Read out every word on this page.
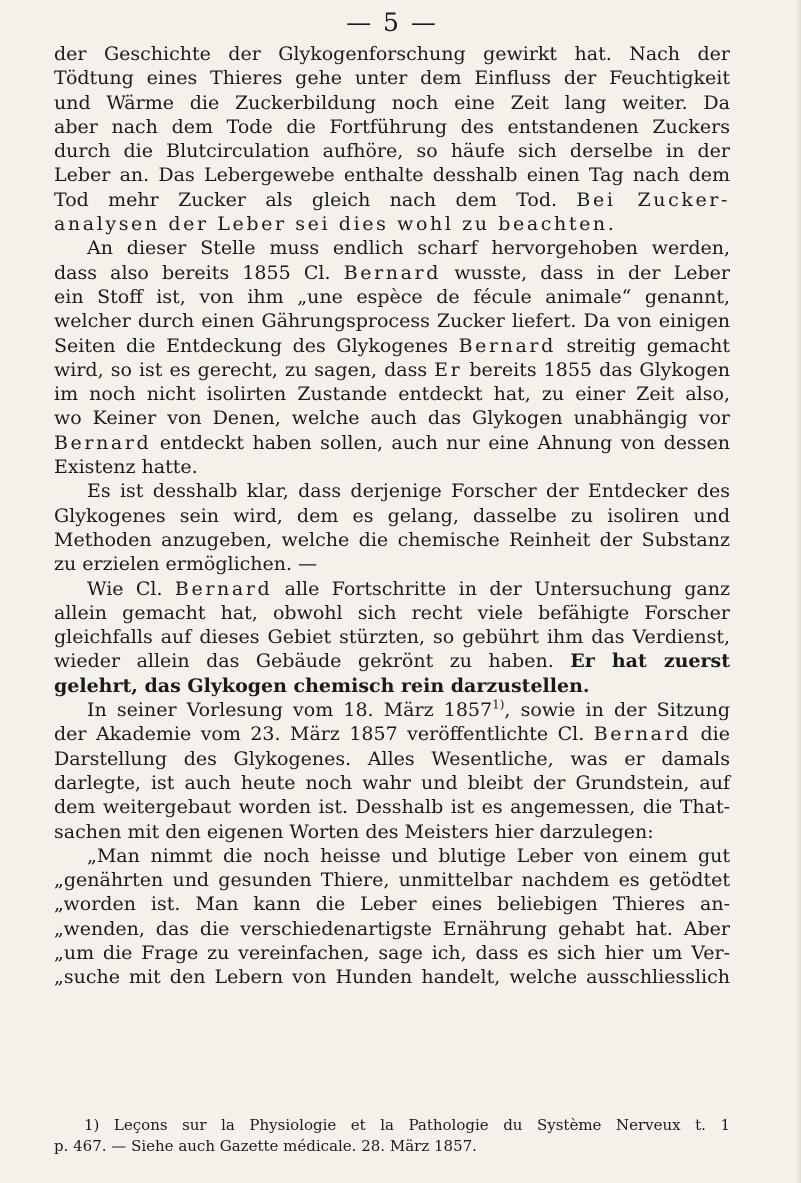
— 5 —
der Geschichte der Glykogenforschung gewirkt hat. Nach der
Tödtung eines Thieres gehe unter dem Einfluss der Feuchtigkeit
und Wärme die Zuckerbildung noch eine Zeit lang weiter. Da
aber nach dem Tode die Fortführung des entstandenen Zuckers
durch die Blutcirculation aufhöre, so häufe sich derselbe in der
Leber an. Das Lebergewebe enthalte desshalb einen Tag nach dem
Tod mehr Zucker als gleich nach dem Tod. Bei Zucker-
analysen der Leber sei dies wohl zu beachten.
An dieser Stelle muss endlich scharf hervorgehoben werden,
dass also bereits 1855 Cl. Bernard wusste, dass in der Leber
ein Stoff ist, von ihm „une espèce de fécule animale“ genannt,
welcher durch einen Gährungsprocess Zucker liefert. Da von einigen
Seiten die Entdeckung des Glykogenes Bernard streitig gemacht
wird, so ist es gerecht, zu sagen, dass Er bereits 1855 das Glykogen
im noch nicht isolirten Zustande entdeckt hat, zu einer Zeit also,
wo Keiner von Denen, welche auch das Glykogen unabhängig vor
Bernard entdeckt haben sollen, auch nur eine Ahnung von dessen
Existenz hatte.
Es ist desshalb klar, dass derjenige Forscher der Entdecker des
Glykogenes sein wird, dem es gelang, dasselbe zu isoliren und
Methoden anzugeben, welche die chemische Reinheit der Substanz
zu erzielen ermöglichen. —
Wie Cl. Bernard alle Fortschritte in der Untersuchung ganz
allein gemacht hat, obwohl sich recht viele befähigte Forscher
gleichfalls auf dieses Gebiet stürzten, so gebührt ihm das Verdienst,
wieder allein das Gebäude gekrönt zu haben. Er hat zuerst
gelehrt, das Glykogen chemisch rein darzustellen.
In seiner Vorlesung vom 18. März 1857$^{1)}$, sowie in der Sitzung
der Akademie vom 23. März 1857 veröffentlichte Cl. Bernard die
Darstellung des Glykogenes. Alles Wesentliche, was er damals
darlegte, ist auch heute noch wahr und bleibt der Grundstein, auf
dem weitergebaut worden ist. Desshalb ist es angemessen, die That-
sachen mit den eigenen Worten des Meisters hier darzulegen:
„Man nimmt die noch heisse und blutige Leber von einem gut
„genährten und gesunden Thiere, unmittelbar nachdem es getödtet
„worden ist. Man kann die Leber eines beliebigen Thieres an-
„wenden, das die verschiedenartigste Ernährung gehabt hat. Aber
„um die Frage zu vereinfachen, sage ich, dass es sich hier um Ver-
„suche mit den Lebern von Hunden handelt, welche ausschliesslich
1) Leçons sur la Physiologie et la Pathologie du Système Nerveux t. 1
p. 467. — Siehe auch Gazette médicale. 28. März 1857.
